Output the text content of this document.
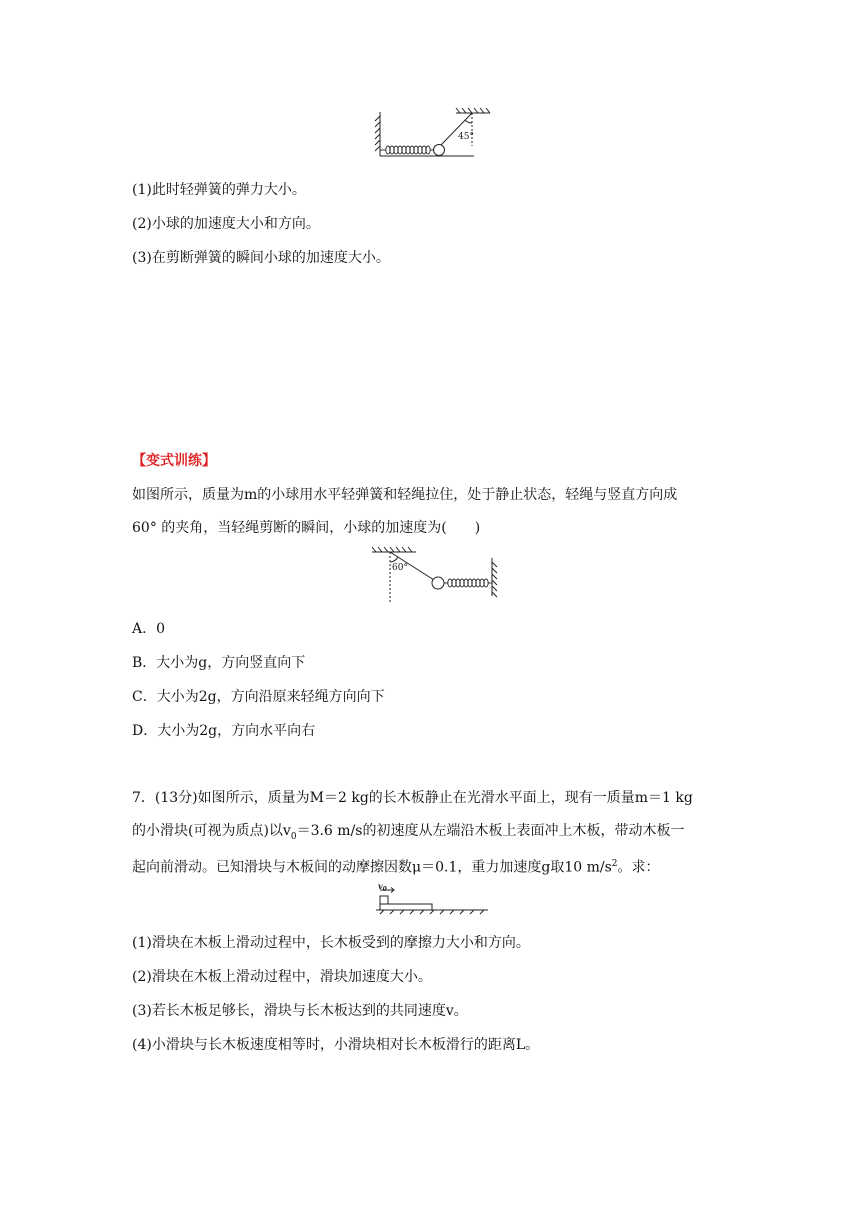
45°
(1)此时轻弹簧的弹力大小。
(2)小球的加速度大小和方向。
(3)在剪断弹簧的瞬间小球的加速度大小。
【变式训练】
如图所示，质量为m的小球用水平轻弹簧和轻绳拉住，处于静止状态，轻绳与竖直方向成
60° 的夹角，当轻绳剪断的瞬间，小球的加速度为(　　)
60°
A．0
B．大小为g，方向竖直向下
C．大小为2g，方向沿原来轻绳方向向下
D．大小为2g，方向水平向右
7．(13分)如图所示，质量为M＝2 kg的长木板静止在光滑水平面上，现有一质量m＝1 kg
的小滑块(可视为质点)以$v_0=3.6$ m/s的初速度从左端沿木板上表面冲上木板，带动木板一
起向前滑动。已知滑块与木板间的动摩擦因数μ＝0.1，重力加速度g取10 $m/s^2$。求：
$v_0$
(1)滑块在木板上滑动过程中，长木板受到的摩擦力大小和方向。
(2)滑块在木板上滑动过程中，滑块加速度大小。
(3)若长木板足够长，滑块与长木板达到的共同速度v。
(4)小滑块与长木板速度相等时，小滑块相对长木板滑行的距离L。
